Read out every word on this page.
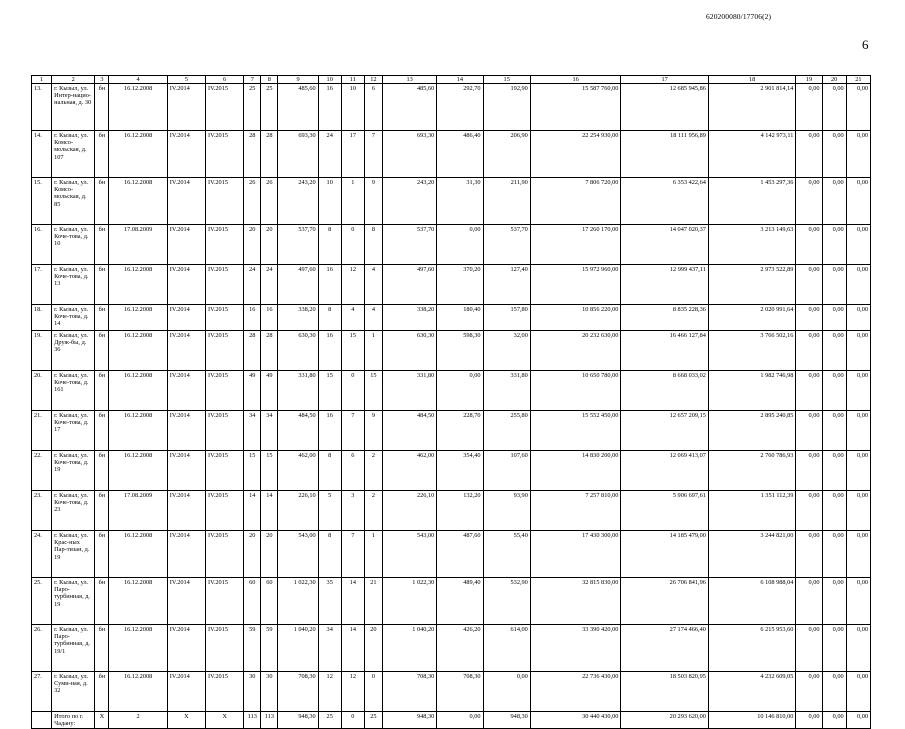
620200080/17706(2)
6
1	2	3	4	5	6	7	8	9	10	11	12	13	14	15	16	17	18	19	20	21
13.	г. Кызыл, ул. Интер-нацио-нальная, д. 30	бн	16.12.2008	IV.2014	IV.2015	25	25	485,60	16	10	6	485,60	292,70	192,90	15 587 760,00	12 685 945,86	2 901 814,14	0,00	0,00	0,00
14.	г. Кызыл, ул. Комсо-мольская, д. 107	бн	16.12.2008	IV.2014	IV.2015	28	28	693,30	24	17	7	693,30	486,40	206,90	22 254 930,00	18 111 956,89	4 142 973,11	0,00	0,00	0,00
15.	г. Кызыл, ул. Комсо-мольская, д. 85	бн	16.12.2008	IV.2014	IV.2015	26	26	243,20	10	1	9	243,20	31,30	211,90	7 806 720,00	6 353 422,64	1 453 297,36	0,00	0,00	0,00
16.	г. Кызыл, ул. Коче-това, д. 10	бн	17.08.2009	IV.2014	IV.2015	20	20	537,70	8	0	8	537,70	0,00	537,70	17 260 170,00	14 047 020,37	3 213 149,63	0,00	0,00	0,00
17.	г. Кызыл, ул. Коче-това, д. 13	бн	16.12.2008	IV.2014	IV.2015	24	24	497,60	16	12	4	497,60	370,20	127,40	15 972 960,00	12 999 437,11	2 973 522,89	0,00	0,00	0,00
18.	г. Кызыл, ул. Коче-това, д. 14	бн	16.12.2008	IV.2014	IV.2015	16	16	338,20	8	4	4	338,20	180,40	157,80	10 856 220,00	8 835 228,36	2 020 991,64	0,00	0,00	0,00
19.	г. Кызыл, ул. Друж-бы, д. 36	бн	16.12.2008	IV.2014	IV.2015	28	28	630,30	16	15	1	630,30	598,30	32,00	20 232 630,00	16 466 127,84	3 766 502,16	0,00	0,00	0,00
20.	г. Кызыл, ул. Коче-това, д. 161	бн	16.12.2008	IV.2014	IV.2015	49	49	331,80	15	0	15	331,80	0,00	331,80	10 650 780,00	8 668 033,02	1 982 746,98	0,00	0,00	0,00
21.	г. Кызыл, ул. Коче-това, д. 17	бн	16.12.2008	IV.2014	IV.2015	34	34	484,50	16	7	9	484,50	228,70	255,80	15 552 450,00	12 657 209,15	2 895 240,85	0,00	0,00	0,00
22.	г. Кызыл, ул. Коче-това, д. 19	бн	16.12.2008	IV.2014	IV.2015	15	15	462,00	8	6	2	462,00	354,40	107,60	14 830 200,00	12 069 413,07	2 760 786,93	0,00	0,00	0,00
23.	г. Кызыл, ул. Коче-това, д. 23	бн	17.08.2009	IV.2014	IV.2015	14	14	226,10	5	3	2	226,10	132,20	93,90	7 257 810,00	5 906 697,61	1 351 112,39	0,00	0,00	0,00
24.	г. Кызыл, ул. Крас-ных Пар-тизан, д. 19	бн	16.12.2008	IV.2014	IV.2015	20	20	543,00	8	7	1	543,00	487,60	55,40	17 430 300,00	14 185 479,00	3 244 821,00	0,00	0,00	0,00
25.	г. Кызыл, ул. Паро-турбинная, д. 19	бн	16.12.2008	IV.2014	IV.2015	60	60	1 022,30	35	14	21	1 022,30	489,40	532,90	32 815 830,00	26 706 841,96	6 108 988,04	0,00	0,00	0,00
26.	г. Кызыл, ул. Паро-турбинная, д. 19/1	бн	16.12.2008	IV.2014	IV.2015	59	59	1 040,20	34	14	20	1 040,20	426,20	614,00	33 390 420,00	27 174 466,40	6 215 953,60	0,00	0,00	0,00
27.	г. Кызыл, ул. Суми-ная, д. 32	бн	16.12.2008	IV.2014	IV.2015	30	30	708,30	12	12	0	708,30	708,30	0,00	22 736 430,00	18 503 820,95	4 232 609,05	0,00	0,00	0,00
	Итого по г. Чадану:	X	2	X	X	113	113	948,30	25	0	25	948,30	0,00	948,30	30 440 430,00	20 293 620,00	10 146 810,00	0,00	0,00	0,00
